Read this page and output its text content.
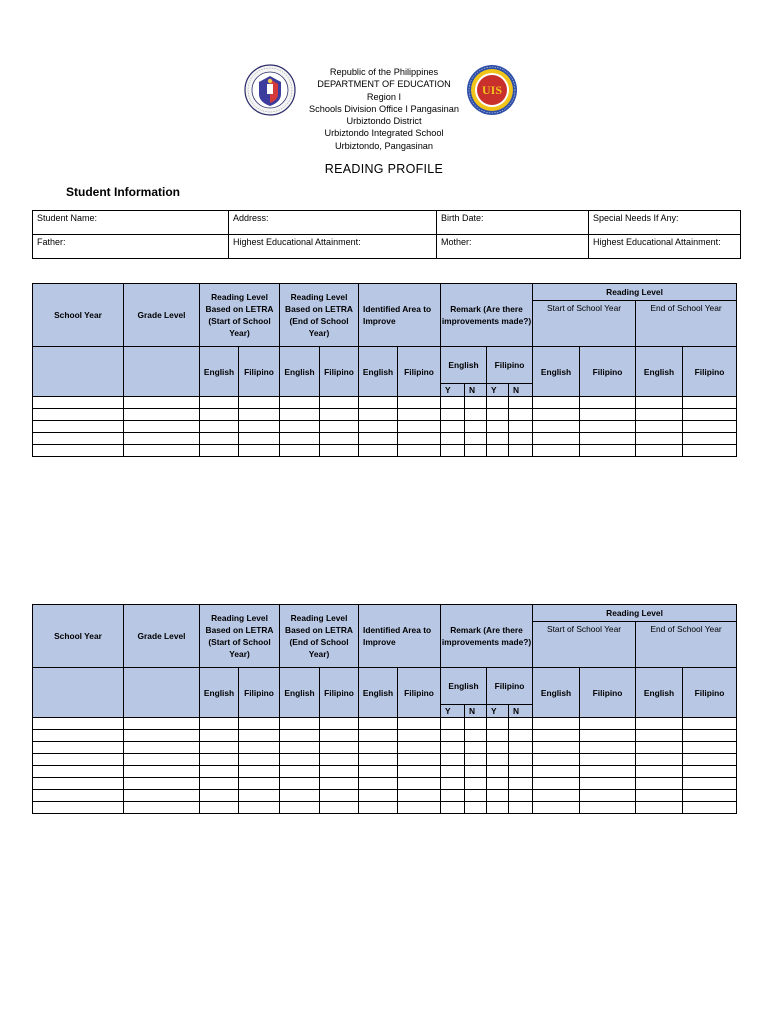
UIS
Republic of the Philippines
DEPARTMENT OF EDUCATION
Region I
Schools Division Office I Pangasinan
Urbiztondo District
Urbiztondo Integrated School
Urbiztondo, Pangasinan
READING PROFILE
Student Information
Student Name:	Address:	Birth Date:	Special Needs If Any:
Father:	Highest Educational Attainment:	Mother:	Highest Educational Attainment:
School Year	Grade Level	Reading Level Based on LETRA (Start of School Year)		Reading Level Based on LETRA (End of School Year)		Identified Area to Improve		Remark (Are there improvements made?)				Reading Level			
												Start of School Year		End of School Year	
		English	Filipino	English	Filipino	English	Filipino	English		Filipino		English	Filipino	English	Filipino
								Y	N	Y	N				

School Year	Grade Level	Reading Level Based on LETRA (Start of School Year)		Reading Level Based on LETRA (End of School Year)		Identified Area to Improve		Remark (Are there improvements made?)				Reading Level			
												Start of School Year		End of School Year	
		English	Filipino	English	Filipino	English	Filipino	English		Filipino		English	Filipino	English	Filipino
								Y	N	Y	N				
